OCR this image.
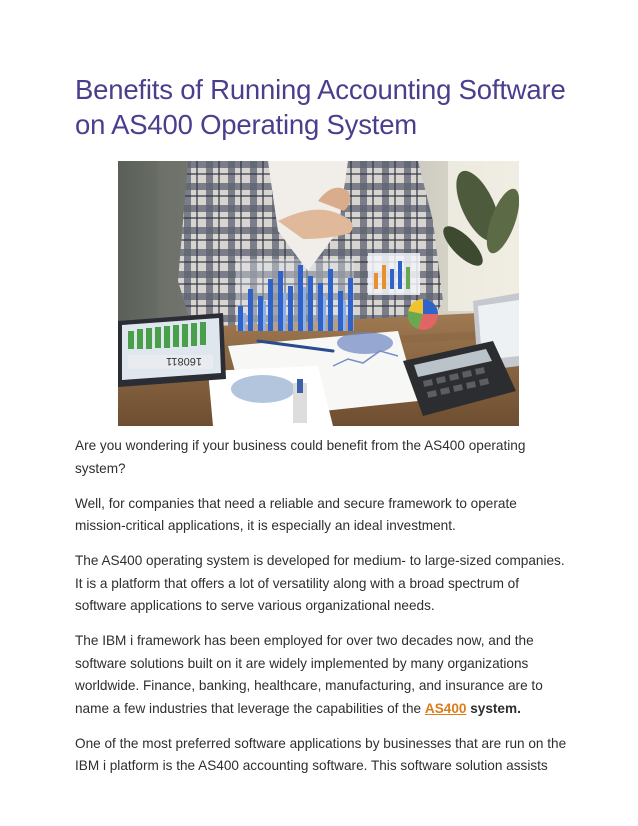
Benefits of Running Accounting Software on AS400 Operating System
160811

Are you wondering if your business could benefit from the AS400 operating system?

Well, for companies that need a reliable and secure framework to operate mission-critical applications, it is especially an ideal investment.

The AS400 operating system is developed for medium- to large-sized companies. It is a platform that offers a lot of versatility along with a broad spectrum of software applications to serve various organizational needs.

The IBM i framework has been employed for over two decades now, and the software solutions built on it are widely implemented by many organizations worldwide. Finance, banking, healthcare, manufacturing, and insurance are to name a few industries that leverage the capabilities of the AS400 system.

One of the most preferred software applications by businesses that are run on the IBM i platform is the AS400 accounting software. This software solution assists
